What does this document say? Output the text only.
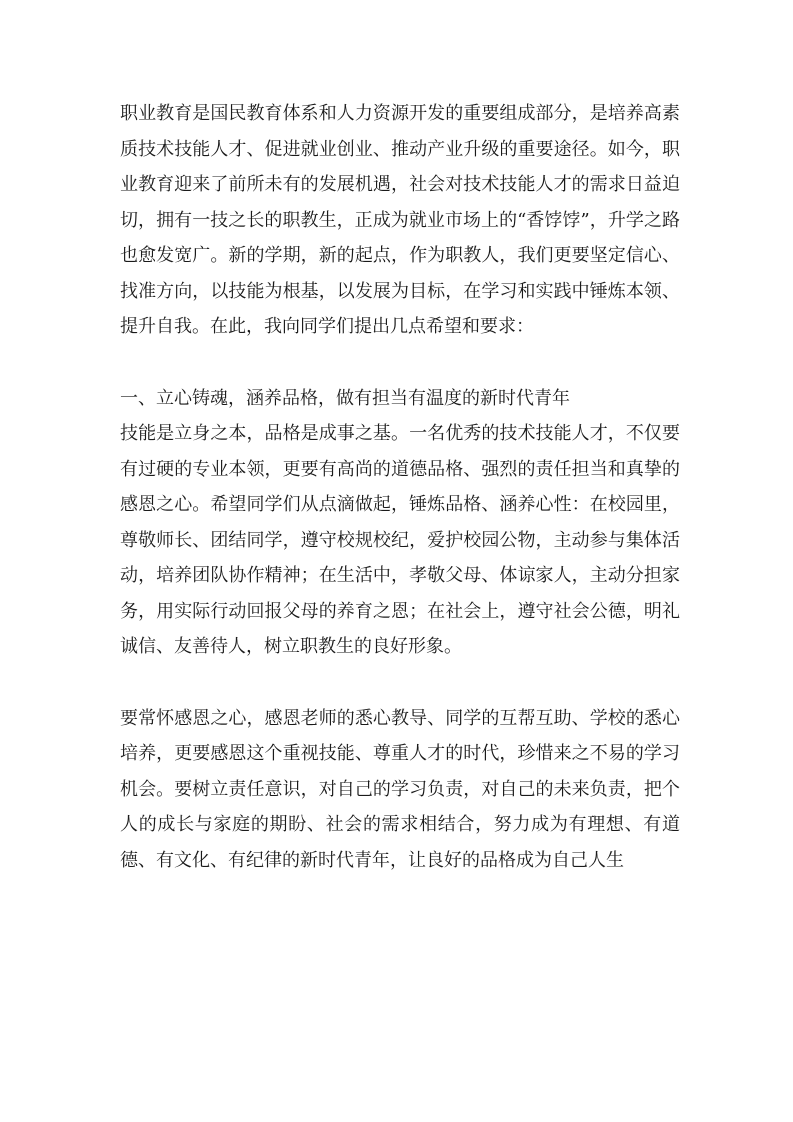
职业教育是国民教育体系和人力资源开发的重要组成部分，是培养高素质技术技能人才、促进就业创业、推动产业升级的重要途径。如今，职业教育迎来了前所未有的发展机遇，社会对技术技能人才的需求日益迫切，拥有一技之长的职教生，正成为就业市场上的“香饽饽”，升学之路也愈发宽广。新的学期，新的起点，作为职教人，我们更要坚定信心、找准方向，以技能为根基，以发展为目标，在学习和实践中锤炼本领、提升自我。在此，我向同学们提出几点希望和要求：

一、立心铸魂，涵养品格，做有担当有温度的新时代青年

技能是立身之本，品格是成事之基。一名优秀的技术技能人才，不仅要有过硬的专业本领，更要有高尚的道德品格、强烈的责任担当和真挚的感恩之心。希望同学们从点滴做起，锤炼品格、涵养心性：在校园里，尊敬师长、团结同学，遵守校规校纪，爱护校园公物，主动参与集体活动，培养团队协作精神；在生活中，孝敬父母、体谅家人，主动分担家务，用实际行动回报父母的养育之恩；在社会上，遵守社会公德，明礼诚信、友善待人，树立职教生的良好形象。

要常怀感恩之心，感恩老师的悉心教导、同学的互帮互助、学校的悉心培养，更要感恩这个重视技能、尊重人才的时代，珍惜来之不易的学习机会。要树立责任意识，对自己的学习负责，对自己的未来负责，把个人的成长与家庭的期盼、社会的需求相结合，努力成为有理想、有道德、有文化、有纪律的新时代青年，让良好的品格成为自己人生
